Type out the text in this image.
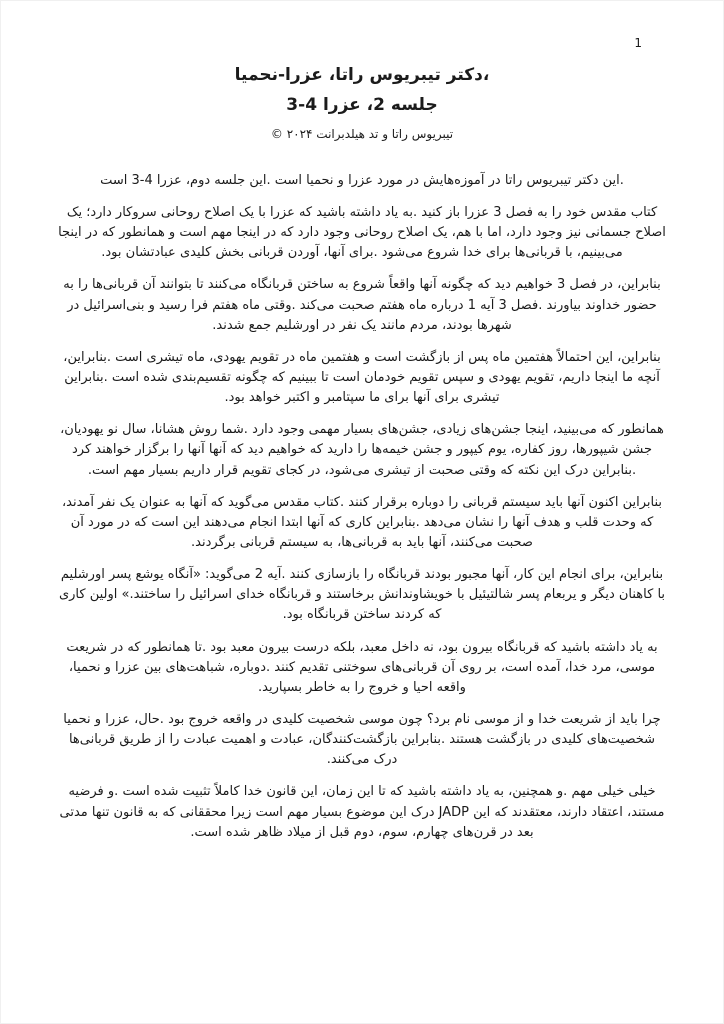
1
،دکتر تیبریوس راتا، عزرا-نحمیا
جلسه 2، عزرا 4-3
تیبریوس راتا و تد هیلدبرانت ۲۰۲۴ ©

.این دکتر تیبریوس راتا در آموزه‌هایش در مورد عزرا و نحمیا است .این جلسه دوم، عزرا 4-3 است

کتاب مقدس خود را به فصل 3 عزرا باز کنید .به یاد داشته باشید که عزرا با یک اصلاح روحانی سروکار دارد؛ یک اصلاح جسمانی نیز وجود دارد، اما با هم، یک اصلاح روحانی وجود دارد که در اینجا مهم است و همانطور که در اینجا می‌بینیم، با قربانی‌ها برای خدا شروع می‌شود .برای آنها، آوردن قربانی بخش کلیدی عبادتشان بود.

بنابراین، در فصل 3 خواهیم دید که چگونه آنها واقعاً شروع به ساختن قربانگاه می‌کنند تا بتوانند آن قربانی‌ها را به حضور خداوند بیاورند .فصل 3 آیه 1 درباره ماه هفتم صحبت می‌کند .وقتی ماه هفتم فرا رسید و بنی‌اسرائیل در شهرها بودند، مردم مانند یک نفر در اورشلیم جمع شدند.

بنابراین، این احتمالاً هفتمین ماه پس از بازگشت است و هفتمین ماه در تقویم یهودی، ماه تیشری است .بنابراین، آنچه ما اینجا داریم، تقویم یهودی و سپس تقویم خودمان است تا ببینیم که چگونه تقسیم‌بندی شده است .بنابراین تیشری برای آنها برای ما سپتامبر و اکتبر خواهد بود.

همانطور که می‌بینید، اینجا جشن‌های زیادی، جشن‌های بسیار مهمی وجود دارد .شما روش هشانا، سال نو یهودیان، جشن شیپورها، روز کفاره، یوم کیپور و جشن خیمه‌ها را دارید که خواهیم دید که آنها آنها را برگزار خواهند کرد .بنابراین درک این نکته که وقتی صحبت از تیشری می‌شود، در کجای تقویم قرار داریم بسیار مهم است.

بنابراین اکنون آنها باید سیستم قربانی را دوباره برقرار کنند .کتاب مقدس می‌گوید که آنها به عنوان یک نفر آمدند، که وحدت قلب و هدف آنها را نشان می‌دهد .بنابراین کاری که آنها ابتدا انجام می‌دهند این است که در مورد آن صحبت می‌کنند، آنها باید به قربانی‌ها، به سیستم قربانی برگردند.

بنابراین، برای انجام این کار، آنها مجبور بودند قربانگاه را بازسازی کنند .آیه 2 می‌گوید: «آنگاه یوشع پسر اورشلیم با کاهنان دیگر و یربعام پسر شالتیئیل با خویشاوندانش برخاستند و قربانگاه خدای اسرائیل را ساختند.» اولین کاری که کردند ساختن قربانگاه بود.

به یاد داشته باشید که قربانگاه بیرون بود، نه داخل معبد، بلکه درست بیرون معبد بود .تا همانطور که در شریعت موسی، مرد خدا، آمده است، بر روی آن قربانی‌های سوختنی تقدیم کنند .دوباره، شباهت‌های بین عزرا و نحمیا، واقعه احیا و خروج را به خاطر بسپارید.

چرا باید از شریعت خدا و از موسی نام برد؟ چون موسی شخصیت کلیدی در واقعه خروج بود .حال، عزرا و نحمیا شخصیت‌های کلیدی در بازگشت هستند .بنابراین بازگشت‌کنندگان، عبادت و اهمیت عبادت را از طریق قربانی‌ها درک می‌کنند.

خیلی خیلی مهم .و همچنین، به یاد داشته باشید که تا این زمان، این قانون خدا کاملاً تثبیت شده است .و فرضیه مستند، اعتقاد دارند، معتقدند که این JADP درک این موضوع بسیار مهم است زیرا محققانی که به قانون تنها مدتی بعد در قرن‌های چهارم، سوم، دوم قبل از میلاد ظاهر شده است.
